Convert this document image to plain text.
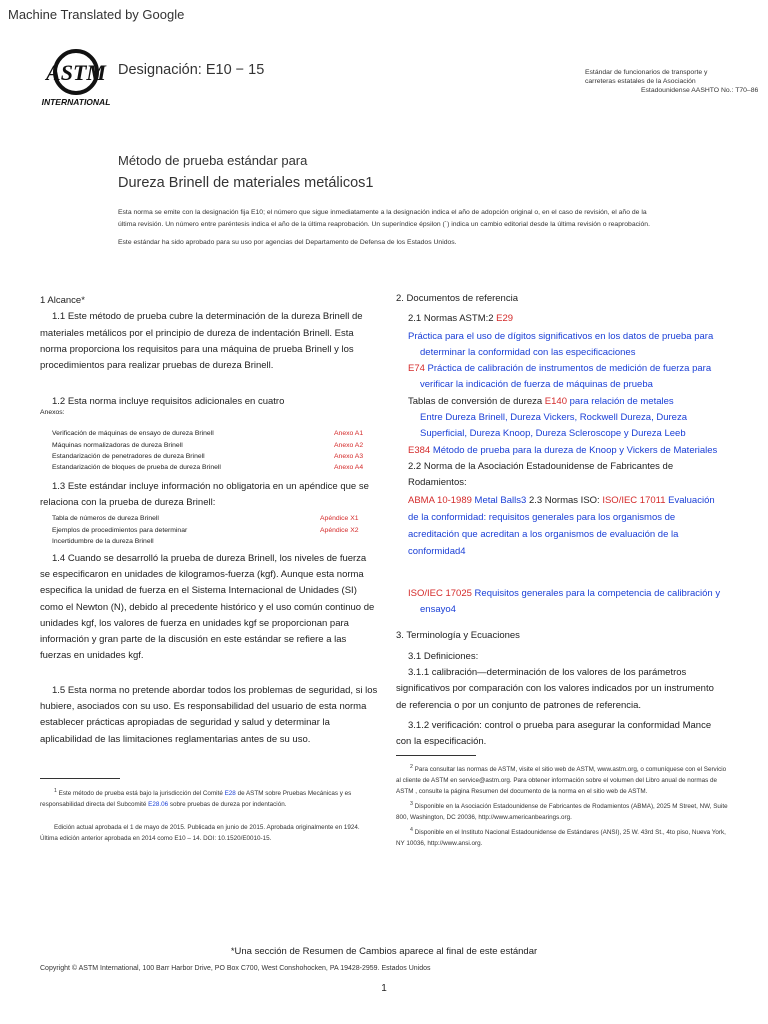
Machine Translated by Google
ASTM
INTERNATIONAL
Designación: E10 − 15	Estándar de funcionarios de transporte y
carreteras estatales de la Asociación
Estadounidense AASHTO No.: T70–86
Método de prueba estándar para
Dureza Brinell de materiales metálicos1
Esta norma se emite con la designación fija E10; el número que sigue inmediatamente a la designación indica el año de adopción original o, en el caso de revisión, el año de la última revisión. Un número entre paréntesis indica el año de la última reaprobación. Un superíndice épsilon (´) indica un cambio editorial desde la última revisión o reaprobación.
Este estándar ha sido aprobado para su uso por agencias del Departamento de Defensa de los Estados Unidos.
1 Alcance*
1.1 Este método de prueba cubre la determinación de la dureza Brinell de materiales metálicos por el principio de dureza de indentación Brinell. Esta norma proporciona los requisitos para una máquina de prueba Brinell y los procedimientos para realizar pruebas de dureza Brinell.
1.2 Esta norma incluye requisitos adicionales en cuatro
Anexos:
Verificación de máquinas de ensayo de dureza Brinell	Anexo A1
Máquinas normalizadoras de dureza Brinell	Anexo A2
Estandarización de penetradores de dureza Brinell	Anexo A3
Estandarización de bloques de prueba de dureza Brinell	Anexo A4
1.3 Este estándar incluye información no obligatoria en un apéndice que se relaciona con la prueba de dureza Brinell:
Tabla de números de dureza Brinell	Apéndice X1
Ejemplos de procedimientos para determinar	Apéndice X2
Incertidumbre de la dureza Brinell
1.4 Cuando se desarrolló la prueba de dureza Brinell, los niveles de fuerza se especificaron en unidades de kilogramos-fuerza (kgf). Aunque esta norma especifica la unidad de fuerza en el Sistema Internacional de Unidades (SI) como el Newton (N), debido al precedente histórico y el uso común continuo de unidades kgf, los valores de fuerza en unidades kgf se proporcionan para información y gran parte de la discusión en este estándar se refiere a las fuerzas en unidades kgf.
1.5 Esta norma no pretende abordar todos los problemas de seguridad, si los hubiere, asociados con su uso. Es responsabilidad del usuario de esta norma establecer prácticas apropiadas de seguridad y salud y determinar la aplicabilidad de las limitaciones reglamentarias antes de su uso.
$^1$ Este método de prueba está bajo la jurisdicción del Comité E28 de ASTM sobre Pruebas Mecánicas y es responsabilidad directa del Subcomité E28.06 sobre pruebas de dureza por indentación.
Edición actual aprobada el 1 de mayo de 2015. Publicada en junio de 2015. Aprobada originalmente en 1924. Última edición anterior aprobada en 2014 como E10 – 14. DOI: 10.1520/E0010-15.
2. Documentos de referencia
2.1 Normas ASTM:2 E29
Práctica para el uso de dígitos significativos en los datos de prueba para determinar la conformidad con las especificaciones
E74 Práctica de calibración de instrumentos de medición de fuerza para verificar la indicación de fuerza de máquinas de prueba
Tablas de conversión de dureza E140 para relación de metales
Entre Dureza Brinell, Dureza Vickers, Rockwell Dureza, Dureza Superficial, Dureza Knoop, Dureza Scleroscope y Dureza Leeb
E384 Método de prueba para la dureza de Knoop y Vickers de Materiales
2.2 Norma de la Asociación Estadounidense de Fabricantes de Rodamientos:
ABMA 10-1989 Metal Balls3 2.3 Normas ISO: ISO/IEC 17011 Evaluación de la conformidad: requisitos generales para los organismos de acreditación que acreditan a los organismos de evaluación de la conformidad4
ISO/IEC 17025 Requisitos generales para la competencia de calibración y ensayo4
3. Terminología y Ecuaciones
3.1 Definiciones:
3.1.1 calibración—determinación de los valores de los parámetros significativos por comparación con los valores indicados por un instrumento de referencia o por un conjunto de patrones de referencia.
3.1.2 verificación: control o prueba para asegurar la conformidad Mance con la especificación.
$^2$ Para consultar las normas de ASTM, visite el sitio web de ASTM, www.astm.org, o comuníquese con el Servicio al cliente de ASTM en service@astm.org. Para obtener información sobre el volumen del Libro anual de normas de ASTM , consulte la página Resumen del documento de la norma en el sitio web de ASTM.
$^3$ Disponible en la Asociación Estadounidense de Fabricantes de Rodamientos (ABMA), 2025 M Street, NW, Suite 800, Washington, DC 20036, http://www.americanbearings.org.
$^4$ Disponible en el Instituto Nacional Estadounidense de Estándares (ANSI), 25 W. 43rd St., 4to piso, Nueva York, NY 10036, http://www.ansi.org.
*Una sección de Resumen de Cambios aparece al final de este estándar
Copyright © ASTM International, 100 Barr Harbor Drive, PO Box C700, West Conshohocken, PA 19428-2959. Estados Unidos
1
